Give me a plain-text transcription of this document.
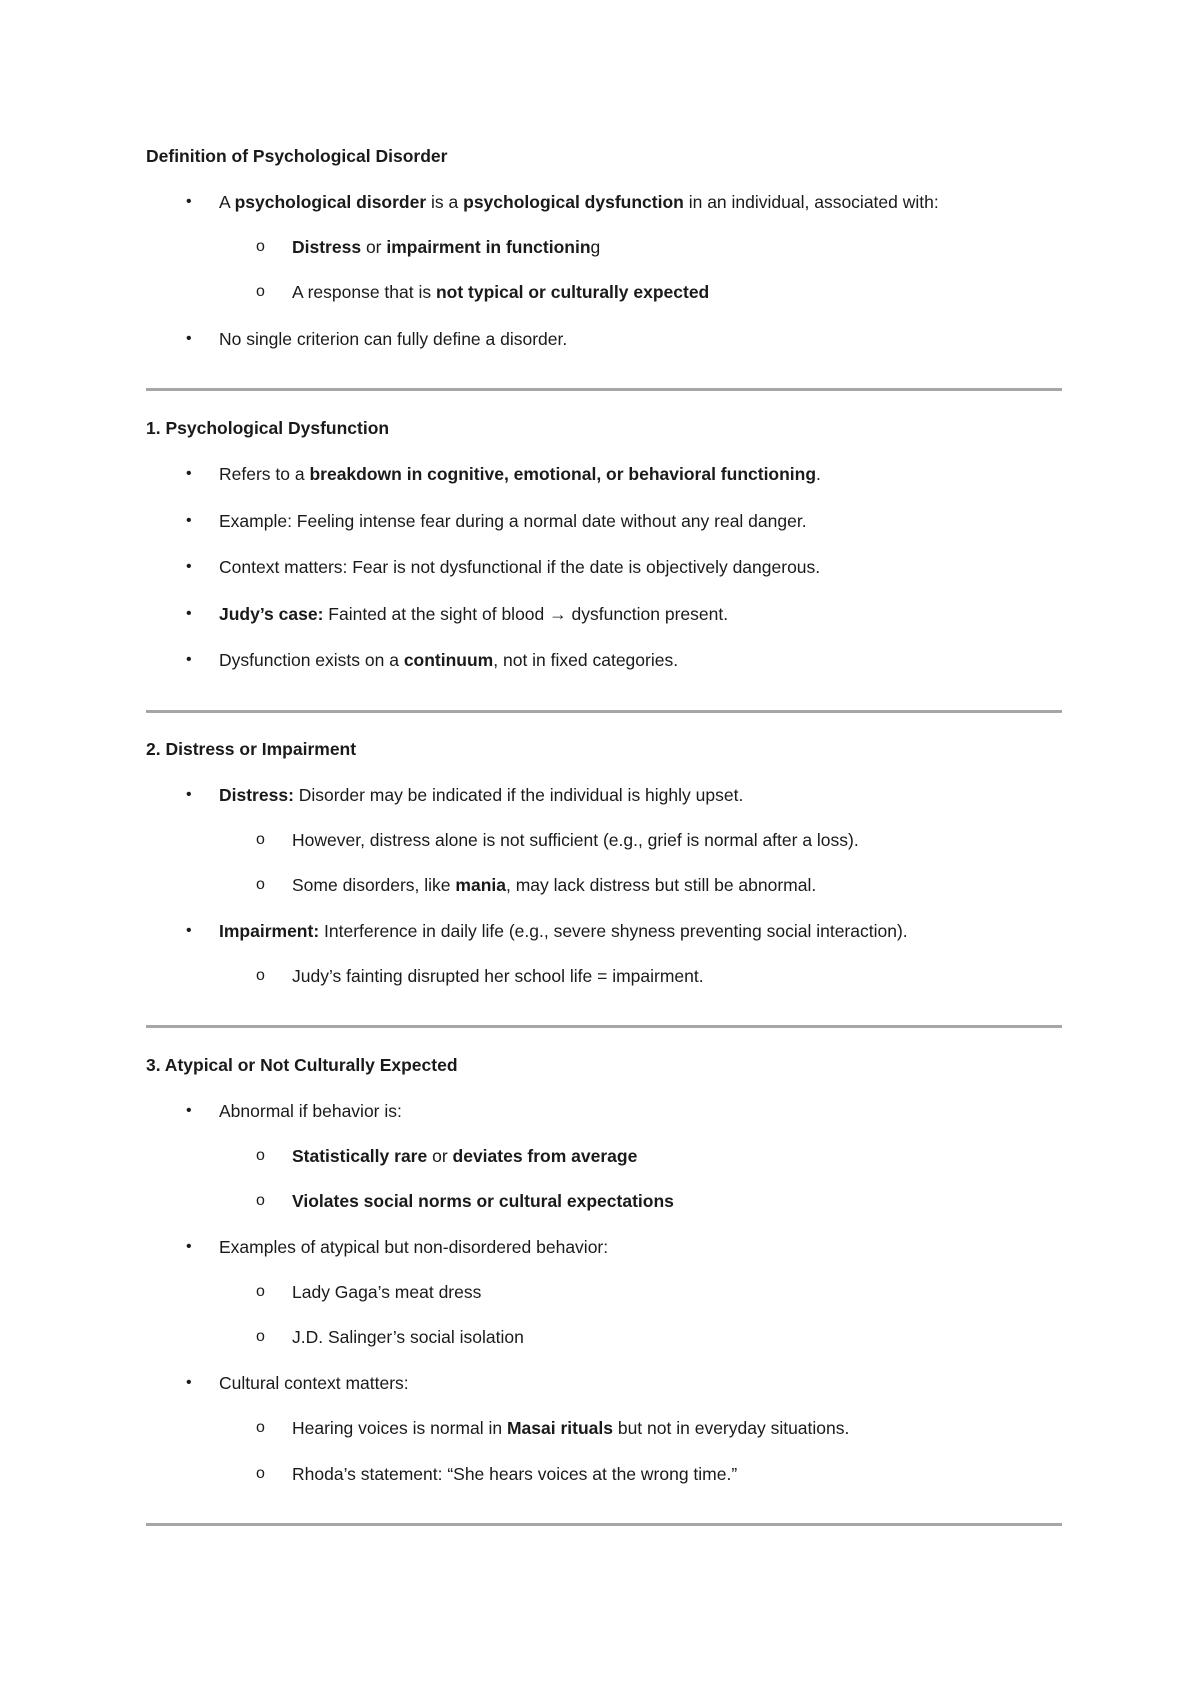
Definition of Psychological Disorder
• A psychological disorder is a psychological dysfunction in an individual, associated with:
o Distress or impairment in functioning
o A response that is not typical or culturally expected
• No single criterion can fully define a disorder.
1. Psychological Dysfunction
• Refers to a breakdown in cognitive, emotional, or behavioral functioning.
• Example: Feeling intense fear during a normal date without any real danger.
• Context matters: Fear is not dysfunctional if the date is objectively dangerous.
• Judy’s case: Fainted at the sight of blood → dysfunction present.
• Dysfunction exists on a continuum, not in fixed categories.
2. Distress or Impairment
• Distress: Disorder may be indicated if the individual is highly upset.
o However, distress alone is not sufficient (e.g., grief is normal after a loss).
o Some disorders, like mania, may lack distress but still be abnormal.
• Impairment: Interference in daily life (e.g., severe shyness preventing social interaction).
o Judy’s fainting disrupted her school life = impairment.
3. Atypical or Not Culturally Expected
• Abnormal if behavior is:
o Statistically rare or deviates from average
o Violates social norms or cultural expectations
• Examples of atypical but non-disordered behavior:
o Lady Gaga’s meat dress
o J.D. Salinger’s social isolation
• Cultural context matters:
o Hearing voices is normal in Masai rituals but not in everyday situations.
o Rhoda’s statement: “She hears voices at the wrong time.”
